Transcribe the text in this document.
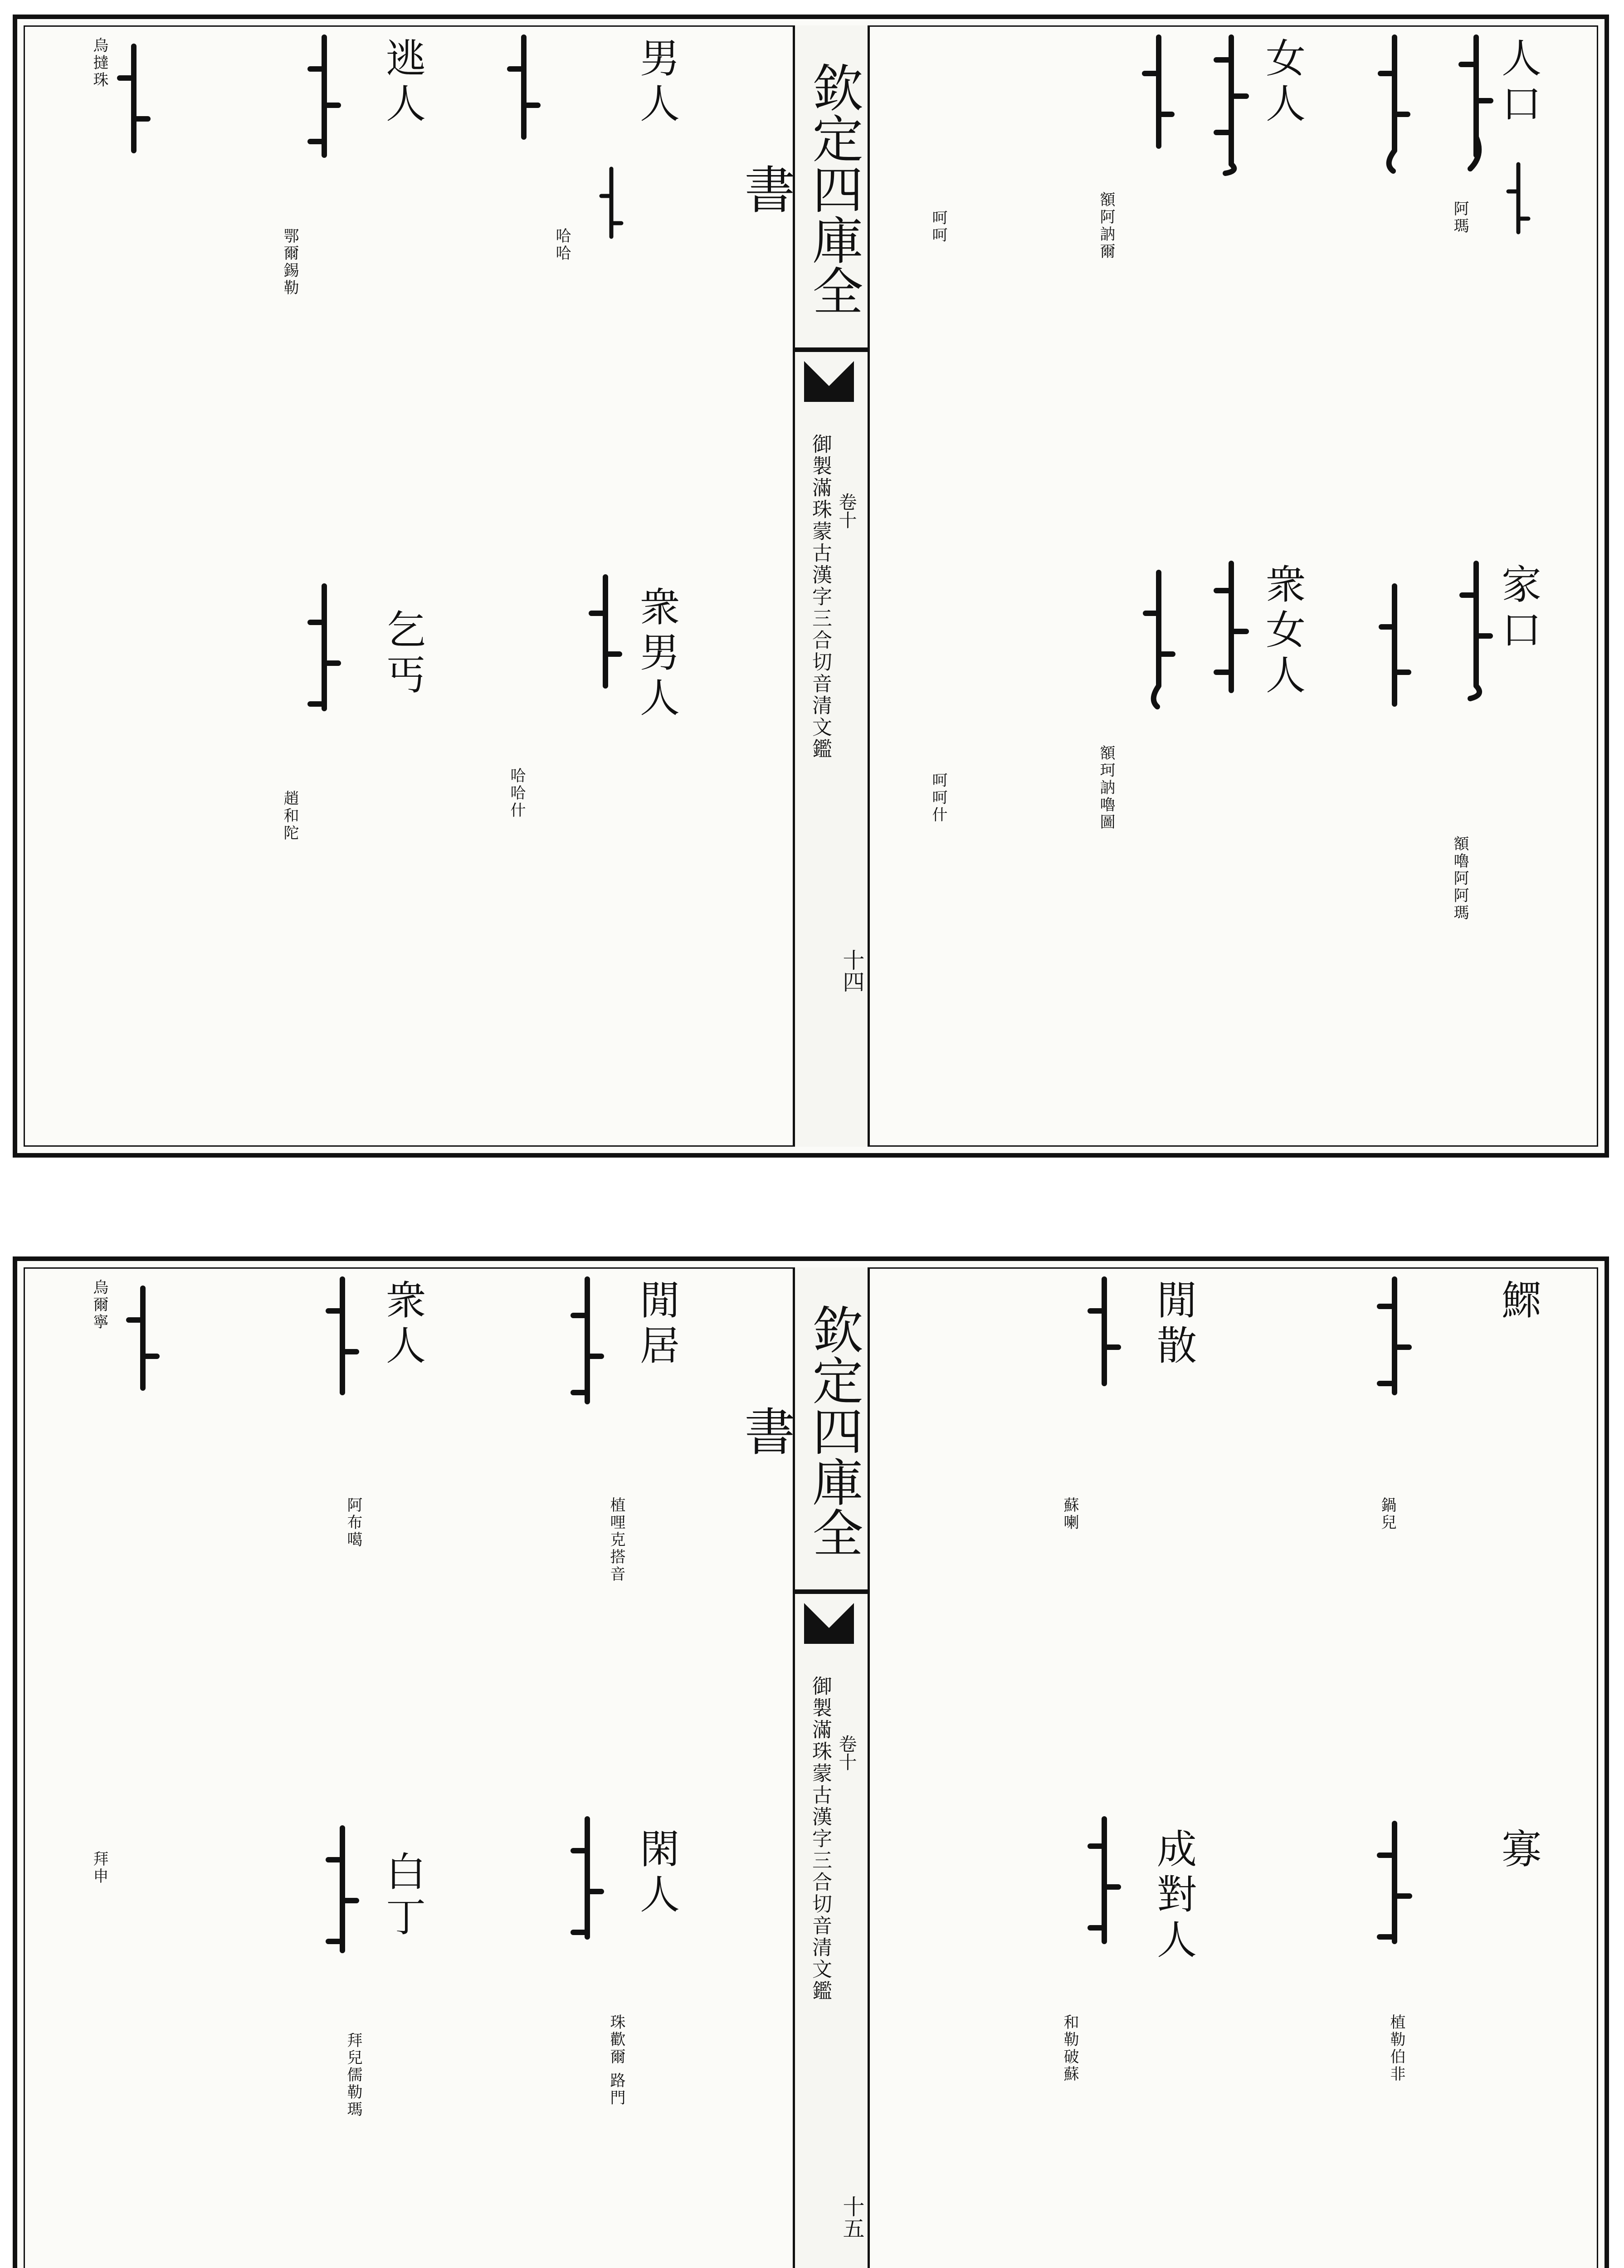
欽定四庫全書
御製滿珠蒙古漢字三合切音清文鑑 卷十
十四
人口
阿瑪
家口
額嚕阿阿瑪
女人
額阿訥爾
衆女人
額珂訥嚕圖
男人
哈哈
衆男人
哈哈什
逃人
鄂爾錫勒
乞丐
趙和陀
烏撻珠
呵呵
呵呵什
欽定四庫全書
御製滿珠蒙古漢字三合切音清文鑑 卷十
十五
鰥
鍋兒
寡
植勒伯非
閒散
蘇喇
成對人
和勒破蘇
閒居
植哩克搭音
閑人
珠歡爾 路門
衆人
阿布噶
白丁
拜兒儒勒瑪
烏爾寧
拜申
